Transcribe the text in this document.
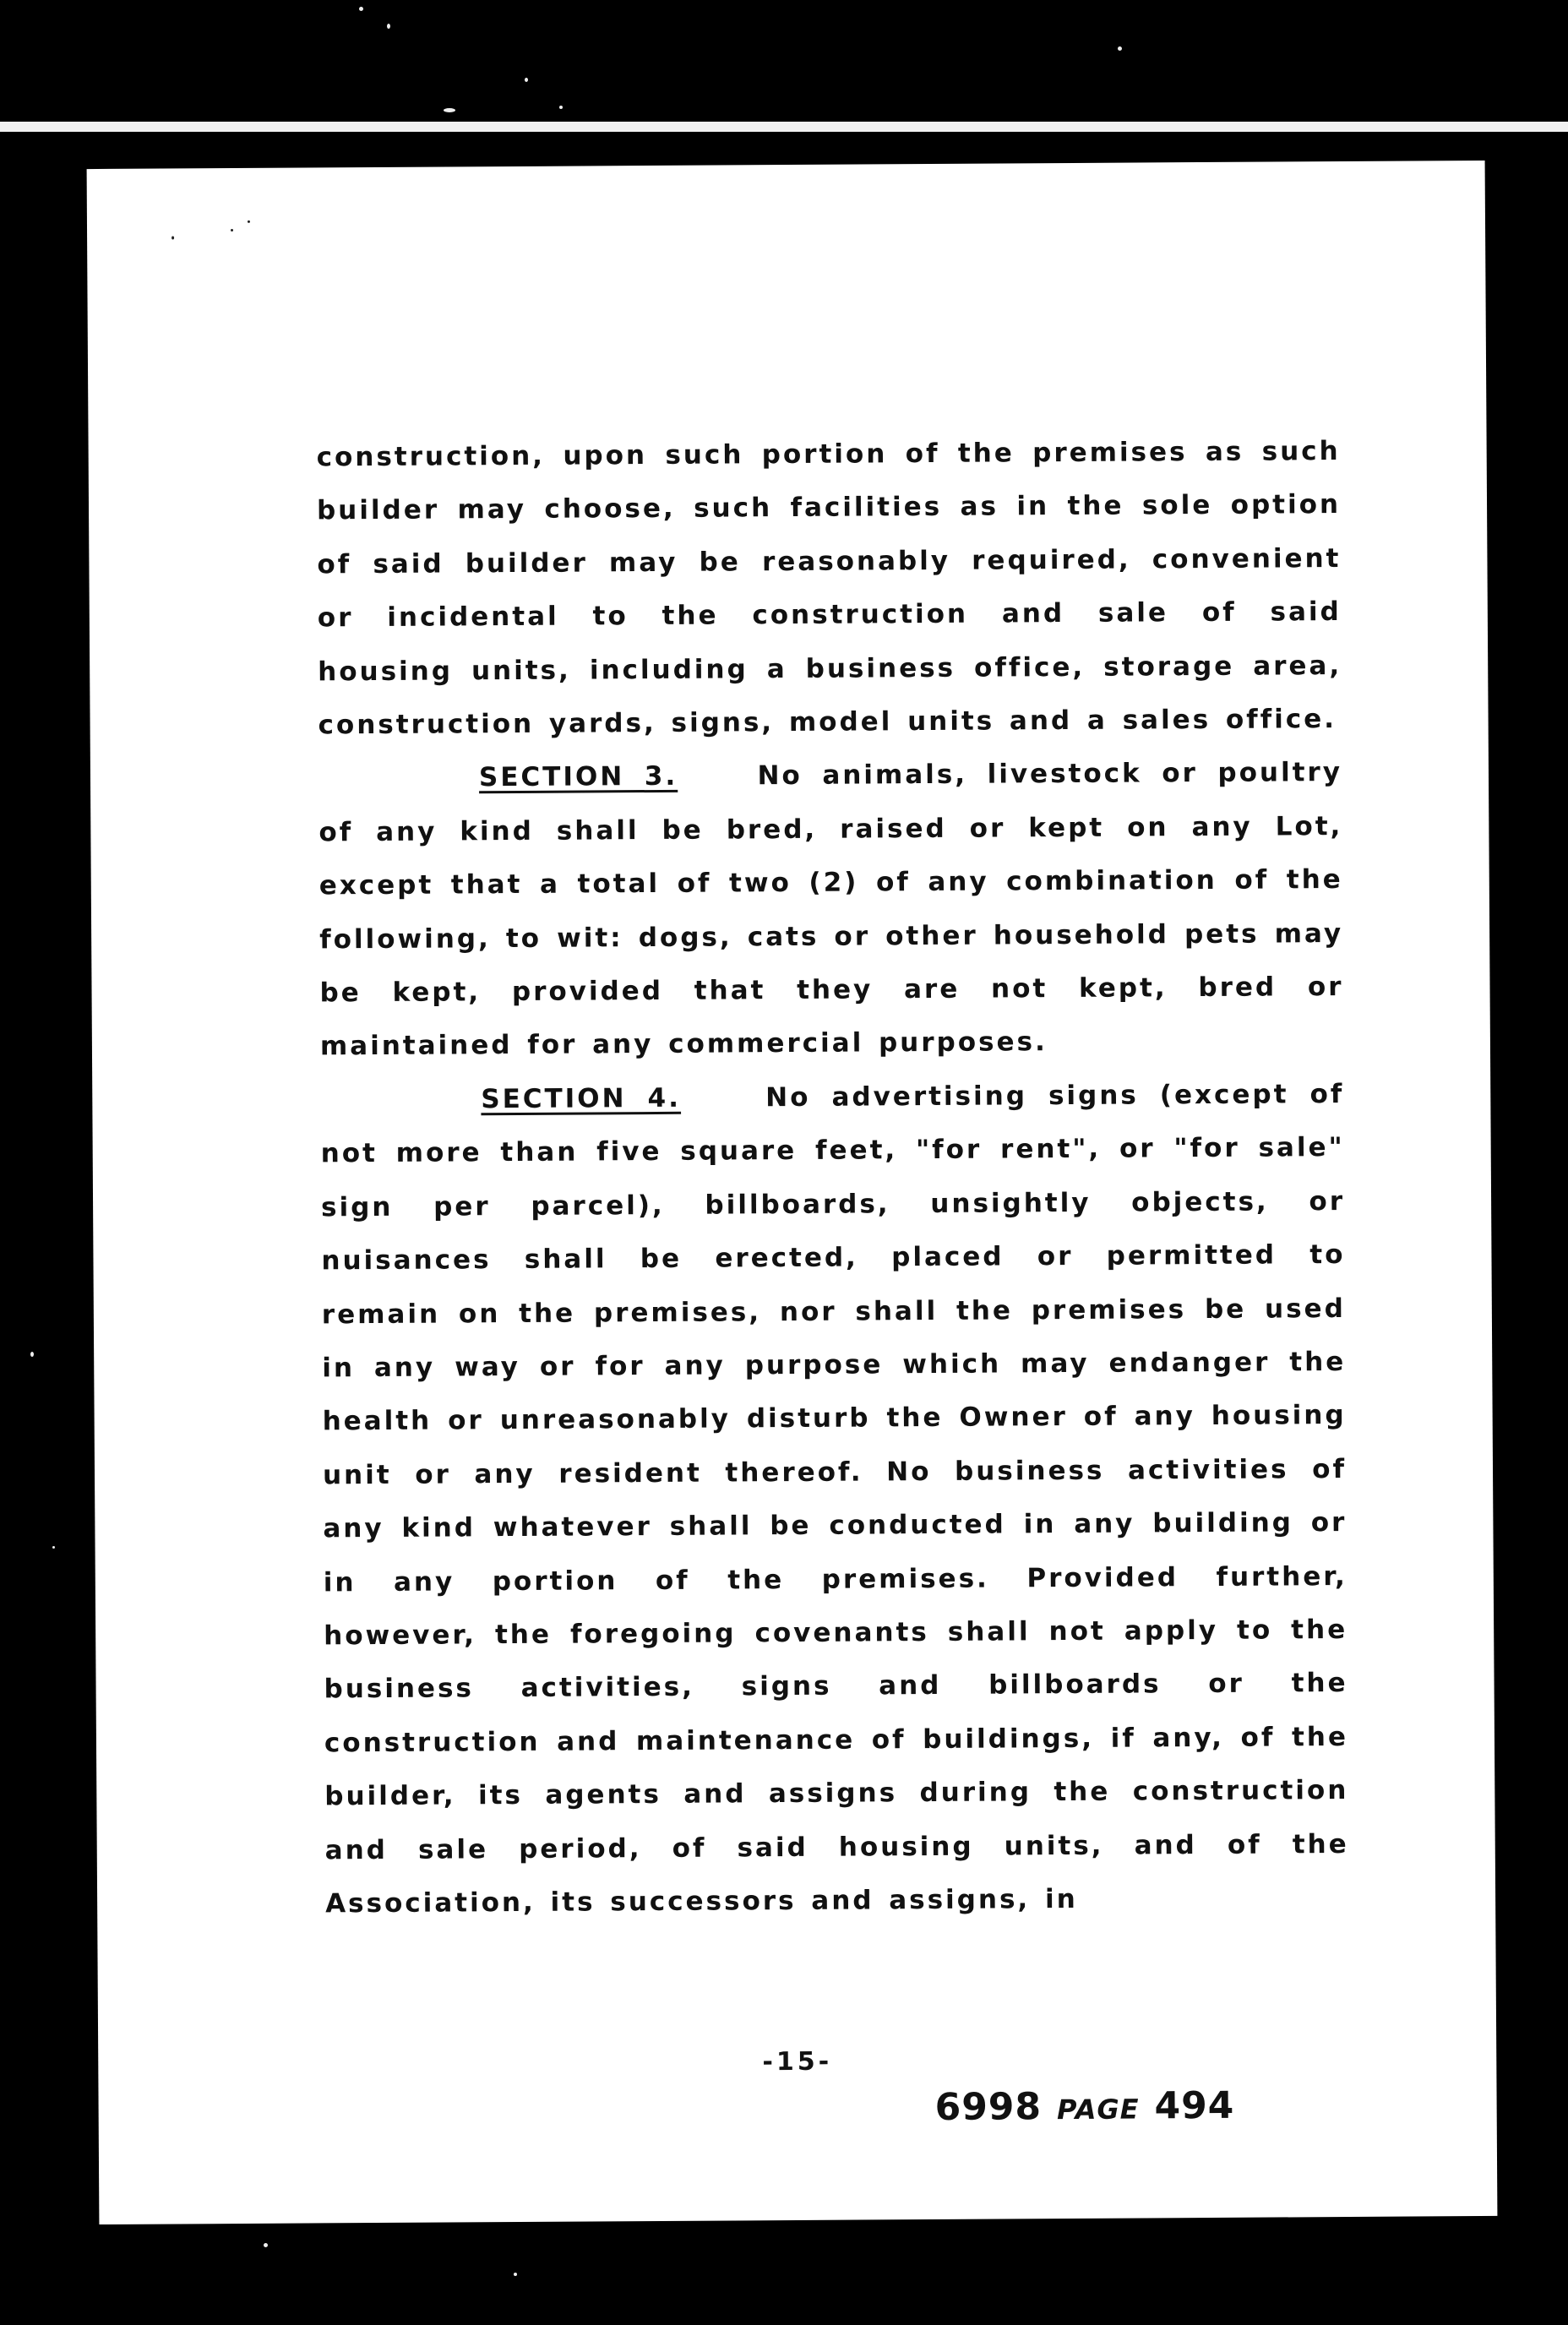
construction, upon such portion of the premises as such builder may choose, such facilities as in the sole option of said builder may be reasonably required, convenient or incidental to the construction and sale of said housing units, including a business office, storage area, construction yards, signs, model units and a sales office.

SECTION 3.	No animals, livestock or poultry of any kind shall be bred, raised or kept on any Lot, except that a total of two (2) of any combination of the following, to wit: dogs, cats or other household pets may be kept, provided that they are not kept, bred or maintained for any commercial purposes.

SECTION 4.	No advertising signs (except of not more than five square feet, "for rent", or "for sale" sign per parcel), billboards, unsightly objects, or nuisances shall be erected, placed or permitted to remain on the premises, nor shall the premises be used in any way or for any purpose which may endanger the health or unreasonably disturb the Owner of any housing unit or any resident thereof. No business activities of any kind whatever shall be conducted in any building or in any portion of the premises. Provided further, however, the foregoing covenants shall not apply to the business activities, signs and billboards or the construction and maintenance of buildings, if any, of the builder, its agents and assigns during the construction and sale period, of said housing units, and of the Association, its successors and assigns, in

-15-
6998 PAGE 494
